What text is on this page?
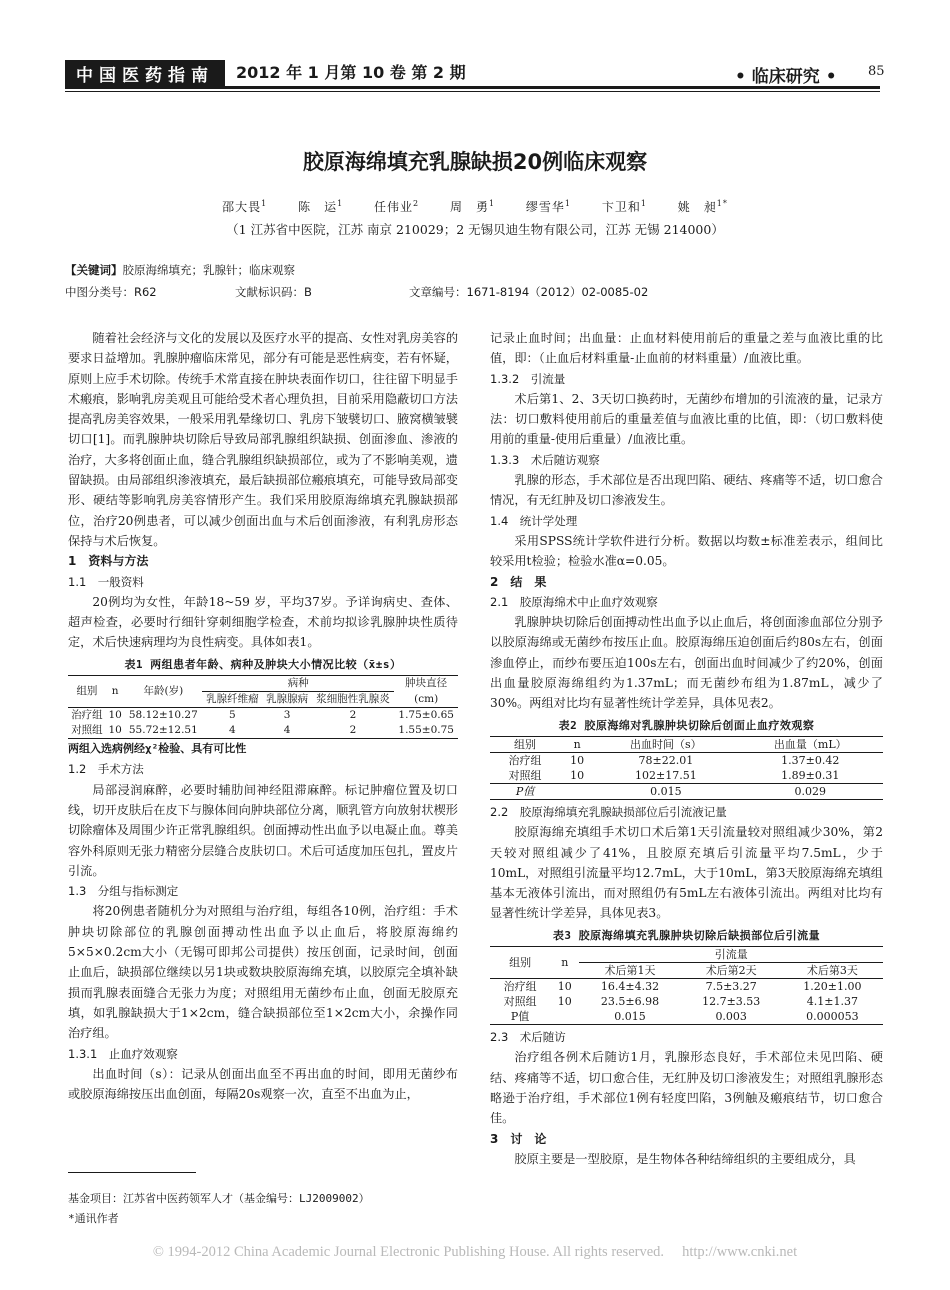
中国医药指南	2012 年 1 月第 10 卷 第 2 期	• 临床研究 • 85
胶原海绵填充乳腺缺损20例临床观察
邵大畏$^1$	陈　运$^1$	任伟业$^2$	周　勇$^1$	缪雪华$^1$	卞卫和$^1$	姚　昶$^{1*}$
（1 江苏省中医院，江苏 南京 210029；2 无锡贝迪生物有限公司，江苏 无锡 214000）
【关键词】胶原海绵填充；乳腺针；临床观察
中图分类号：R62	文献标识码：B	文章编号：1671-8194（2012）02-0085-02

随着社会经济与文化的发展以及医疗水平的提高、女性对乳房美容的要求日益增加。乳腺肿瘤临床常见，部分有可能是恶性病变，若有怀疑，原则上应手术切除。传统手术常直接在肿块表面作切口，往往留下明显手术瘢痕，影响乳房美观且可能给受术者心理负担，目前采用隐蔽切口方法提高乳房美容效果，一般采用乳晕缘切口、乳房下皱襞切口、腋窝横皱襞切口[1]。而乳腺肿块切除后导致局部乳腺组织缺损、创面渗血、渗液的治疗，大多将创面止血，缝合乳腺组织缺损部位，或为了不影响美观，遗留缺损。由局部组织渗液填充，最后缺损部位瘢痕填充，可能导致局部变形、硬结等影响乳房美容情形产生。我们采用胶原海绵填充乳腺缺损部位，治疗20例患者，可以减少创面出血与术后创面渗液，有利乳房形态保持与术后恢复。

1　资料与方法

1.1　一般资料

20例均为女性，年龄18~59 岁，平均37岁。予详询病史、查体、超声检查，必要时行细针穿刺细胞学检查，术前均拟诊乳腺肿块性质待定，术后快速病理均为良性病变。具体如表1。

表1 两组患者年龄、病种及肿块大小情况比较（x̄±s）
组别	n	年龄(岁)	病种			肿块直径
			乳腺纤维瘤	乳腺腺病	浆细胞性乳腺炎	(cm)
治疗组	10	58.12±10.27	5	3	2	1.75±0.65
对照组	10	55.72±12.51	4	4	2	1.55±0.75
两组入选病例经χ²检验、具有可比性

1.2　手术方法

局部浸润麻醉，必要时辅肋间神经阻滞麻醉。标记肿瘤位置及切口线，切开皮肤后在皮下与腺体间向肿块部位分离，顺乳管方向放射状楔形切除瘤体及周围少许正常乳腺组织。创面搏动性出血予以电凝止血。尊美容外科原则无张力精密分层缝合皮肤切口。术后可适度加压包扎，置皮片引流。

1.3　分组与指标测定

将20例患者随机分为对照组与治疗组，每组各10例，治疗组：手术肿块切除部位的乳腺创面搏动性出血予以止血后，将胶原海绵约5×5×0.2cm大小（无锡可即邦公司提供）按压创面，记录时间，创面止血后，缺损部位继续以另1块或数块胶原海绵充填，以胶原完全填补缺损而乳腺表面缝合无张力为度；对照组用无菌纱布止血，创面无胶原充填，如乳腺缺损大于1×2cm，缝合缺损部位至1×2cm大小，余操作同治疗组。

1.3.1　止血疗效观察

出血时间（s）：记录从创面出血至不再出血的时间，即用无菌纱布或胶原海绵按压出血创面，每隔20s观察一次，直至不出血为止，

记录止血时间；出血量：止血材料使用前后的重量之差与血液比重的比值，即：（止血后材料重量-止血前的材料重量）/血液比重。

1.3.2　引流量

术后第1、2、3天切口换药时，无菌纱布增加的引流液的量，记录方法：切口敷料使用前后的重量差值与血液比重的比值，即：（切口敷料使用前的重量-使用后重量）/血液比重。

1.3.3　术后随访观察

乳腺的形态，手术部位是否出现凹陷、硬结、疼痛等不适，切口愈合情况，有无红肿及切口渗液发生。

1.4　统计学处理

采用SPSS统计学软件进行分析。数据以均数±标准差表示，组间比较采用t检验；检验水准α=0.05。

2　结　果

2.1　胶原海绵术中止血疗效观察

乳腺肿块切除后创面搏动性出血予以止血后，将创面渗血部位分别予以胶原海绵或无菌纱布按压止血。胶原海绵压迫创面后约80s左右，创面渗血停止，而纱布要压迫100s左右，创面出血时间减少了约20%，创面出血量胶原海绵组约为1.37mL；而无菌纱布组为1.87mL，减少了30%。两组对比均有显著性统计学差异，具体见表2。

表2 胶原海绵对乳腺肿块切除后创面止血疗效观察
组别	n	出血时间（s）	出血量（mL）
治疗组	10	78±22.01	1.37±0.42
对照组	10	102±17.51	1.89±0.31
P值		0.015	0.029

2.2　胶原海绵填充乳腺缺损部位后引流液记量

胶原海绵充填组手术切口术后第1天引流量较对照组减少30%，第2天较对照组减少了41%，且胶原充填后引流量平均7.5mL，少于10mL，对照组引流量平均12.7mL，大于10mL，第3天胶原海绵充填组基本无液体引流出，而对照组仍有5mL左右液体引流出。两组对比均有显著性统计学差异，具体见表3。

表3 胶原海绵填充乳腺肿块切除后缺损部位后引流量
组别	n	引流量		
		术后第1天	术后第2天	术后第3天
治疗组	10	16.4±4.32	7.5±3.27	1.20±1.00
对照组	10	23.5±6.98	12.7±3.53	4.1±1.37
P值		0.015	0.003	0.000053

2.3　术后随访

治疗组各例术后随访1月，乳腺形态良好，手术部位未见凹陷、硬结、疼痛等不适，切口愈合佳，无红肿及切口渗液发生；对照组乳腺形态略逊于治疗组，手术部位1例有轻度凹陷，3例触及瘢痕结节，切口愈合佳。

3　讨　论

胶原主要是一型胶原，是生物体各种结缔组织的主要组成分，具

基金项目：江苏省中医药领军人才（基金编号：LJ2009002）
*通讯作者
© 1994-2012 China Academic Journal Electronic Publishing House. All rights reserved. http://www.cnki.net
